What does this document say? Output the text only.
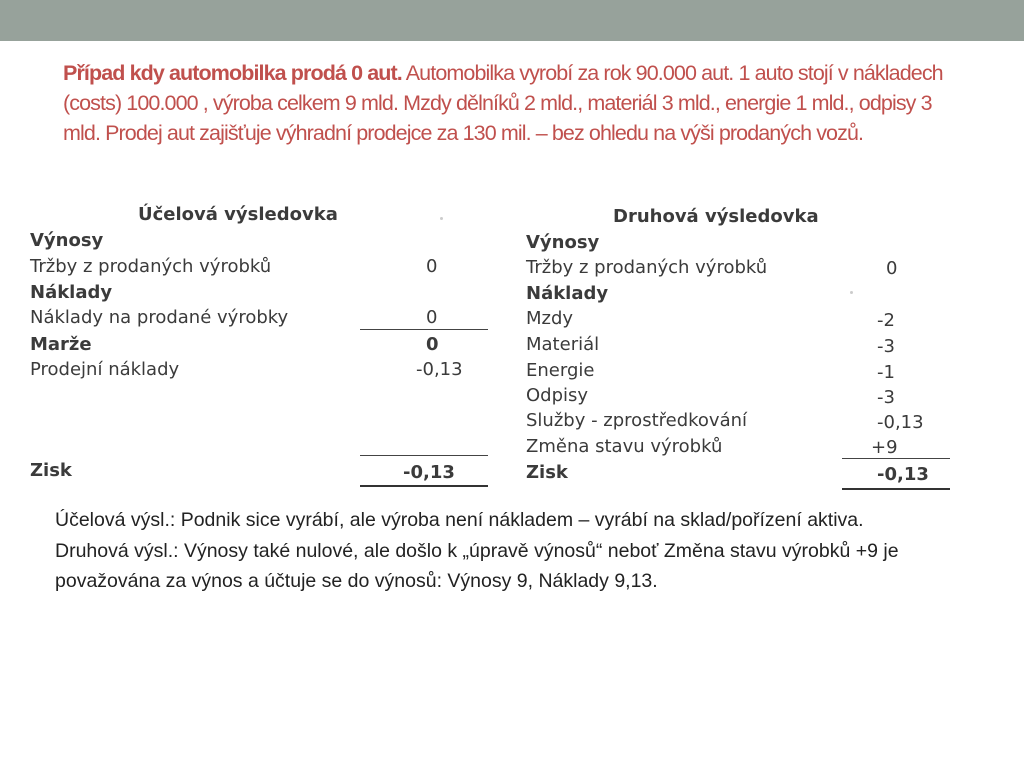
Případ kdy automobilka prodá 0 aut. Automobilka vyrobí za rok 90.000 aut. 1 auto stojí v nákladech (costs) 100.000 , výroba celkem 9 mld. Mzdy dělníků 2 mld., materiál 3 mld., energie 1 mld., odpisy 3 mld. Prodej aut zajišťuje výhradní prodejce za 130 mil. – bez ohledu na výši prodaných vozů.
Účelová výsledovka
Výnosy
Tržby z prodaných výrobků	0
Náklady
Náklady na prodané výrobky	0
Marže	0
Prodejní náklady	-0,13
Zisk	-0,13
Druhová výsledovka
Výnosy
Tržby z prodaných výrobků	0
Náklady
Mzdy	-2
Materiál	-3
Energie	-1
Odpisy	-3
Služby - zprostředkování	-0,13
Změna stavu výrobků	+9
Zisk	-0,13

Účelová výsl.: Podnik sice vyrábí, ale výroba není nákladem – vyrábí na sklad/pořízení aktiva.

Druhová výsl.: Výnosy také nulové, ale došlo k „úpravě výnosů“ neboť Změna stavu výrobků +9 je považována za výnos a účtuje se do výnosů: Výnosy 9, Náklady 9,13.
